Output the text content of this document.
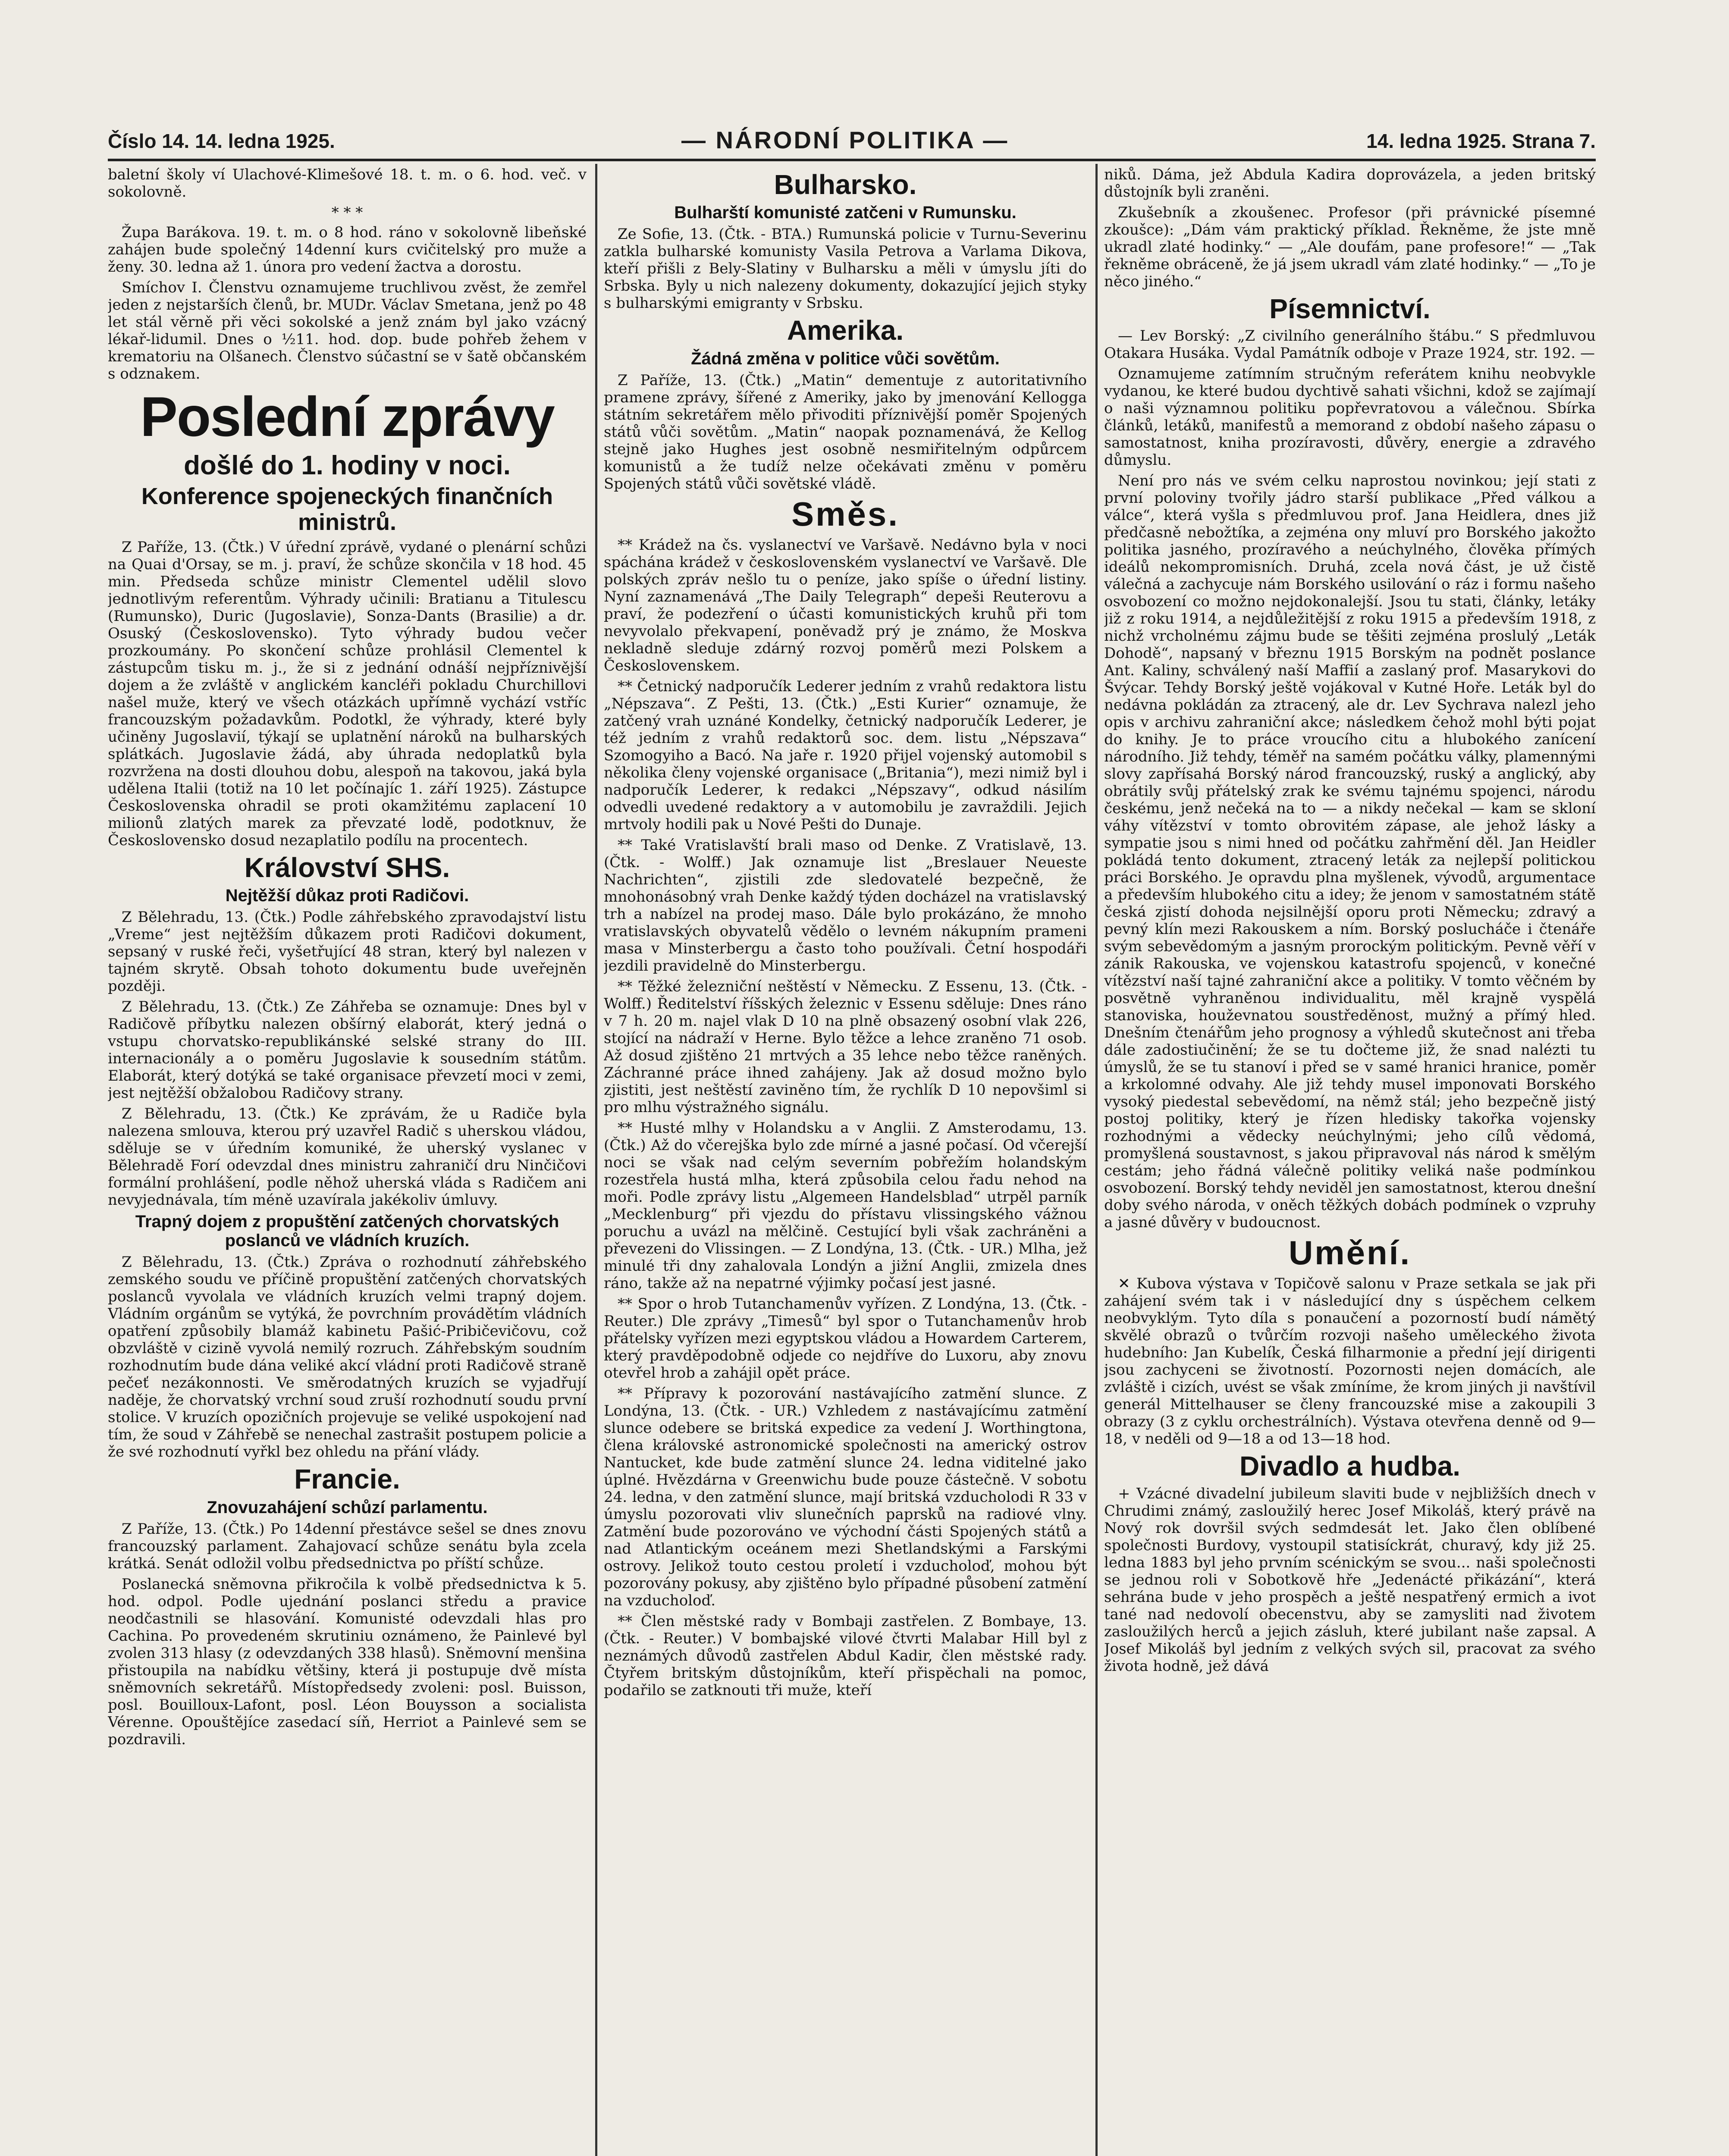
Číslo 14. 14. ledna 1925.	— NÁRODNÍ POLITIKA —	14. ledna 1925. Strana 7.

baletní školy ví Ulachové-Klimešové 18. t. m. o 6. hod. več. v sokolovně.

* * *

Župa Barákova. 19. t. m. o 8 hod. ráno v sokolovně libeňské zahájen bude společný 14denní kurs cvičitelský pro muže a ženy. 30. ledna až 1. února pro vedení žactva a dorostu.

Smíchov I. Členstvu oznamujeme truchlivou zvěst, že zemřel jeden z nejstarších členů, br. MUDr. Václav Smetana, jenž po 48 let stál věrně při věci sokolské a jenž znám byl jako vzácný lékař-lidumil. Dnes o ½11. hod. dop. bude pohřeb žehem v krematoriu na Olšanech. Členstvo súčastní se v šatě občanském s odznakem.

Poslední zprávy
došlé do 1. hodiny v noci.
Konference spojeneckých finančních ministrů.

Z Paříže, 13. (Čtk.) V úřední zprávě, vydané o plenární schůzi na Quai d'Orsay, se m. j. praví, že schůze skončila v 18 hod. 45 min. Předseda schůze ministr Clementel udělil slovo jednotlivým referentům. Výhrady učinili: Bratianu a Titulescu (Rumunsko), Duric (Jugoslavie), Sonza-Dants (Brasilie) a dr. Osuský (Československo). Tyto výhrady budou večer prozkoumány. Po skončení schůze prohlásil Clementel k zástupcům tisku m. j., že si z jednání odnáší nejpříznivější dojem a že zvláště v anglickém kancléři pokladu Churchillovi našel muže, který ve všech otázkách upřímně vychází vstříc francouzským požadavkům. Podotkl, že výhrady, které byly učiněny Jugoslavií, týkají se uplatnění nároků na bulharských splátkách. Jugoslavie žádá, aby úhrada nedoplatků byla rozvržena na dosti dlouhou dobu, alespoň na takovou, jaká byla udělena Italii (totiž na 10 let počínajíc 1. září 1925). Zástupce Československa ohradil se proti okamžitému zaplacení 10 milionů zlatých marek za převzaté lodě, podotknuv, že Československo dosud nezaplatilo podílu na procentech.

Království SHS.
Nejtěžší důkaz proti Radičovi.

Z Bělehradu, 13. (Čtk.) Podle záhřebského zpravodajství listu „Vreme“ jest nejtěžším důkazem proti Radičovi dokument, sepsaný v ruské řeči, vyšetřující 48 stran, který byl nalezen v tajném skrytě. Obsah tohoto dokumentu bude uveřejněn později.

Z Bělehradu, 13. (Čtk.) Ze Záhřeba se oznamuje: Dnes byl v Radičově příbytku nalezen obšírný elaborát, který jedná o vstupu chorvatsko-republikánské selské strany do III. internacionály a o poměru Jugoslavie k sousedním státům. Elaborát, který dotýká se také organisace převzetí moci v zemi, jest nejtěžší obžalobou Radičovy strany.

Z Bělehradu, 13. (Čtk.) Ke zprávám, že u Radiče byla nalezena smlouva, kterou prý uzavřel Radič s uherskou vládou, sděluje se v úředním komuniké, že uherský vyslanec v Bělehradě Forí odevzdal dnes ministru zahraničí dru Ninčičovi formální prohlášení, podle něhož uherská vláda s Radičem ani nevyjednávala, tím méně uzavírala jakékoliv úmluvy.

Trapný dojem z propuštění zatčených chorvatských poslanců ve vládních kruzích.

Z Bělehradu, 13. (Čtk.) Zpráva o rozhodnutí záhřebského zemského soudu ve příčině propuštění zatčených chorvatských poslanců vyvolala ve vládních kruzích velmi trapný dojem. Vládním orgánům se vytýká, že povrchním provádětím vládních opatření způsobily blamáž kabinetu Pašić-Pribičevičovu, což obzvláště v cizině vyvolá nemilý rozruch. Záhřebským soudním rozhodnutím bude dána veliké akcí vládní proti Radičově straně pečeť nezákonnosti. Ve směrodatných kruzích se vyjadřují naděje, že chorvatský vrchní soud zruší rozhodnutí soudu první stolice. V kruzích opozičních projevuje se veliké uspokojení nad tím, že soud v Záhřebě se nenechal zastrašit postupem policie a že své rozhodnutí vyřkl bez ohledu na přání vlády.

Francie.
Znovuzahájení schůzí parlamentu.

Z Paříže, 13. (Čtk.) Po 14denní přestávce sešel se dnes znovu francouzský parlament. Zahajovací schůze senátu byla zcela krátká. Senát odložil volbu předsednictva po příští schůze.

Poslanecká sněmovna přikročila k volbě předsednictva k 5. hod. odpol. Podle ujednání poslanci středu a pravice neodčastnili se hlasování. Komunisté odevzdali hlas pro Cachina. Po provedeném skrutiniu oznámeno, že Painlevé byl zvolen 313 hlasy (z odevzdaných 338 hlasů). Sněmovní menšina přistoupila na nabídku většiny, která ji postupuje dvě místa sněmovních sekretářů. Místopředsedy zvoleni: posl. Buisson, posl. Bouilloux-Lafont, posl. Léon Bouysson a socialista Vérenne. Opouštějíce zasedací síň, Herriot a Painlevé sem se pozdravili.

Bulharsko.
Bulharští komunisté zatčeni v Rumunsku.

Ze Sofie, 13. (Čtk. - BTA.) Rumunská policie v Turnu-Severinu zatkla bulharské komunisty Vasila Petrova a Varlama Dikova, kteří přišli z Bely-Slatiny v Bulharsku a měli v úmyslu jíti do Srbska. Byly u nich nalezeny dokumenty, dokazující jejich styky s bulharskými emigranty v Srbsku.

Amerika.
Žádná změna v politice vůči sovětům.

Z Paříže, 13. (Čtk.) „Matin“ dementuje z autoritativního pramene zprávy, šířené z Ameriky, jako by jmenování Kellogga státním sekretářem mělo přivoditi příznivější poměr Spojených států vůči sovětům. „Matin“ naopak poznamenává, že Kellog stejně jako Hughes jest osobně nesmiřitelným odpůrcem komunistů a že tudíž nelze očekávati změnu v poměru Spojených států vůči sovětské vládě.

Směs.

** Krádež na čs. vyslanectví ve Varšavě. Nedávno byla v noci spáchána krádež v československém vyslanectví ve Varšavě. Dle polských zpráv nešlo tu o peníze, jako spíše o úřední listiny. Nyní zaznamenává „The Daily Telegraph“ depeši Reuterovu a praví, že podezření o účasti komunistických kruhů při tom nevyvolalo překvapení, poněvadž prý je známo, že Moskva nekladně sleduje zdárný rozvoj poměrů mezi Polskem a Československem.

** Četnický nadporučík Lederer jedním z vrahů redaktora listu „Népszava“. Z Pešti, 13. (Čtk.) „Esti Kurier“ oznamuje, že zatčený vrah uznáné Kondelky, četnický nadporučík Lederer, je též jedním z vrahů redaktorů soc. dem. listu „Népszava“ Szomogyiho a Bacó. Na jaře r. 1920 přijel vojenský automobil s několika členy vojenské organisace („Britania“), mezi nimiž byl i nadporučík Lederer, k redakci „Népszavy“, odkud násilím odvedli uvedené redaktory a v automobilu je zavraždili. Jejich mrtvoly hodili pak u Nové Pešti do Dunaje.

** Také Vratislavští brali maso od Denke. Z Vratislavě, 13. (Čtk. - Wolff.) Jak oznamuje list „Breslauer Neueste Nachrichten“, zjistili zde sledovatelé bezpečně, že mnohonásobný vrah Denke každý týden docházel na vratislavský trh a nabízel na prodej maso. Dále bylo prokázáno, že mnoho vratislavských obyvatelů vědělo o levném nákupním prameni masa v Minsterbergu a často toho používali. Četní hospodáři jezdili pravidelně do Minsterbergu.

** Těžké železniční neštěstí v Německu. Z Essenu, 13. (Čtk. - Wolff.) Ředitelství říšských železnic v Essenu sděluje: Dnes ráno v 7 h. 20 m. najel vlak D 10 na plně obsazený osobní vlak 226, stojící na nádraží v Herne. Bylo těžce a lehce zraněno 71 osob. Až dosud zjištěno 21 mrtvých a 35 lehce nebo těžce raněných. Záchranné práce ihned zahájeny. Jak až dosud možno bylo zjistiti, jest neštěstí zaviněno tím, že rychlík D 10 nepovšiml si pro mlhu výstražného signálu.

** Husté mlhy v Holandsku a v Anglii. Z Amsterodamu, 13. (Čtk.) Až do včerejška bylo zde mírné a jasné počasí. Od včerejší noci se však nad celým severním pobřežím holandským rozestřela hustá mlha, která způsobila celou řadu nehod na moři. Podle zprávy listu „Algemeen Handelsblad“ utrpěl parník „Mecklenburg“ při vjezdu do přístavu vlissingského vážnou poruchu a uvázl na mělčině. Cestující byli však zachráněni a převezeni do Vlissingen. — Z Londýna, 13. (Čtk. - UR.) Mlha, jež minulé tři dny zahalovala Londýn a jižní Anglii, zmizela dnes ráno, takže až na nepatrné výjimky počasí jest jasné.

** Spor o hrob Tutanchamenův vyřízen. Z Londýna, 13. (Čtk. - Reuter.) Dle zprávy „Timesů“ byl spor o Tutanchamenův hrob přátelsky vyřízen mezi egyptskou vládou a Howardem Carterem, který pravděpodobně odjede co nejdříve do Luxoru, aby znovu otevřel hrob a zahájil opět práce.

** Přípravy k pozorování nastávajícího zatmění slunce. Z Londýna, 13. (Čtk. - UR.) Vzhledem z nastávajícímu zatmění slunce odebere se britská expedice za vedení J. Worthingtona, člena královské astronomické společnosti na americký ostrov Nantucket, kde bude zatmění slunce 24. ledna viditelné jako úplné. Hvězdárna v Greenwichu bude pouze částečně. V sobotu 24. ledna, v den zatmění slunce, mají britská vzducholodi R 33 v úmyslu pozorovati vliv slunečních paprsků na radiové vlny. Zatmění bude pozorováno ve východní části Spojených států a nad Atlantickým oceánem mezi Shetlandskými a Farskými ostrovy. Jelikož touto cestou proletí i vzducholoď, mohou být pozorovány pokusy, aby zjištěno bylo případné působení zatmění na vzducholoď.

** Člen městské rady v Bombaji zastřelen. Z Bombaye, 13. (Čtk. - Reuter.) V bombajské vilové čtvrti Malabar Hill byl z neznámých důvodů zastřelen Abdul Kadir, člen městské rady. Čtyřem britským důstojníkům, kteří přispěchali na pomoc, podařilo se zatknouti tři muže, kteří

niků. Dáma, jež Abdula Kadira doprovázela, a jeden britský důstojník byli zraněni.

Zkušebník a zkoušenec. Profesor (při právnické písemné zkoušce): „Dám vám praktický příklad. Řekněme, že jste mně ukradl zlaté hodinky.“ — „Ale doufám, pane profesore!“ — „Tak řekněme obráceně, že já jsem ukradl vám zlaté hodinky.“ — „To je něco jiného.“

Písemnictví.

— Lev Borský: „Z civilního generálního štábu.“ S předmluvou Otakara Husáka. Vydal Památník odboje v Praze 1924, str. 192. —

Oznamujeme zatímním stručným referátem knihu neobvykle vydanou, ke které budou dychtivě sahati všichni, kdož se zajímají o naši významnou politiku popřevratovou a válečnou. Sbírka článků, letáků, manifestů a memorand z období našeho zápasu o samostatnost, kniha prozíravosti, důvěry, energie a zdravého důmyslu.

Není pro nás ve svém celku naprostou novinkou; její stati z první poloviny tvořily jádro starší publikace „Před válkou a válce“, která vyšla s předmluvou prof. Jana Heidlera, dnes již předčasně nebožtíka, a zejména ony mluví pro Borského jakožto politika jasného, prozíravého a neúchylného, člověka přímých ideálů nekompromisních. Druhá, zcela nová část, je už čistě válečná a zachycuje nám Borského usilování o ráz i formu našeho osvobození co možno nejdokonalejší. Jsou tu stati, články, letáky již z roku 1914, a nejdůležitější z roku 1915 a především 1918, z nichž vrcholnému zájmu bude se těšiti zejména proslulý „Leták Dohodě“, napsaný v březnu 1915 Borským na podnět poslance Ant. Kaliny, schválený naší Maffií a zaslaný prof. Masarykovi do Švýcar. Tehdy Borský ještě vojákoval v Kutné Hoře. Leták byl do nedávna pokládán za ztracený, ale dr. Lev Sychrava nalezl jeho opis v archivu zahraniční akce; následkem čehož mohl býti pojat do knihy. Je to práce vroucího citu a hlubokého zanícení národního. Již tehdy, téměř na samém počátku války, plamennými slovy zapřísahá Borský národ francouzský, ruský a anglický, aby obrátily svůj přátelský zrak ke svému tajnému spojenci, národu českému, jenž nečeká na to — a nikdy nečekal — kam se skloní váhy vítězství v tomto obrovitém zápase, ale jehož lásky a sympatie jsou s nimi hned od počátku zahřmění děl. Jan Heidler pokládá tento dokument, ztracený leták za nejlepší politickou práci Borského. Je opravdu plna myšlenek, vývodů, argumentace a především hlubokého citu a idey; že jenom v samostatném státě česká zjistí dohoda nejsilnější oporu proti Německu; zdravý a pevný klín mezi Rakouskem a ním. Borský poslucháče i čtenáře svým sebevědomým a jasným prorockým politickým. Pevně věří v zánik Rakouska, ve vojenskou katastrofu spojenců, v konečné vítězství naší tajné zahraniční akce a politiky. V tomto věčném by posvětně vyhraněnou individualitu, měl krajně vyspělá stanoviska, houževnatou soustředěnost, mužný a přímý hled. Dnešním čtenářům jeho prognosy a výhledů skutečnost ani třeba dále zadostiučinění; že se tu dočteme již, že snad nalézti tu úmyslů, že se tu stanoví i před se v samé hranici hranice, poměr a krkolomné odvahy. Ale již tehdy musel imponovati Borského vysoký piedestal sebevědomí, na němž stál; jeho bezpečně jistý postoj politiky, který je řízen hledisky takořka vojensky rozhodnými a vědecky neúchylnými; jeho cílů vědomá, promyšlená soustavnost, s jakou připravoval nás národ k smělým cestám; jeho řádná válečně politiky veliká naše podmínkou osvobození. Borský tehdy neviděl jen samostatnost, kterou dnešní doby svého národa, v oněch těžkých dobách podmínek o vzpruhy a jasné důvěry v budoucnost.

Umění.

✕ Kubova výstava v Topičově salonu v Praze setkala se jak při zahájení svém tak i v následující dny s úspěchem celkem neobvyklým. Tyto díla s ponaučení a pozorností budí námětý skvělé obrazů o tvůrčím rozvoji našeho uměleckého života hudebního: Jan Kubelík, Česká filharmonie a přední její dirigenti jsou zachyceni se životností. Pozornosti nejen domácích, ale zvláště i cizích, uvést se však zmíníme, že krom jiných ji navštívil generál Mittelhauser se členy francouzské mise a zakoupili 3 obrazy (3 z cyklu orchestrálních). Výstava otevřena denně od 9—18, v neděli od 9—18 a od 13—18 hod.

Divadlo a hudba.

+ Vzácné divadelní jubileum slaviti bude v nejbližších dnech v Chrudimi známý, zasloužilý herec Josef Mikoláš, který právě na Nový rok dovršil svých sedmdesát let. Jako člen oblíbené společnosti Burdovy, vystoupil statisíckrát, churavý, kdy již 25. ledna 1883 byl jeho prvním scénickým se svou... naši společnosti se jednou roli v Sobotkově hře „Jedenácté přikázání“, která sehrána bude v jeho prospěch a ještě nespatřený ermich a ivot tané nad nedovolí obecenstvu, aby se zamysliti nad životem zasloužilých herců a jejich zásluh, které jubilant naše zapsal. A Josef Mikoláš byl jedním z velkých svých sil, pracovat za svého života hodně, jež dává
